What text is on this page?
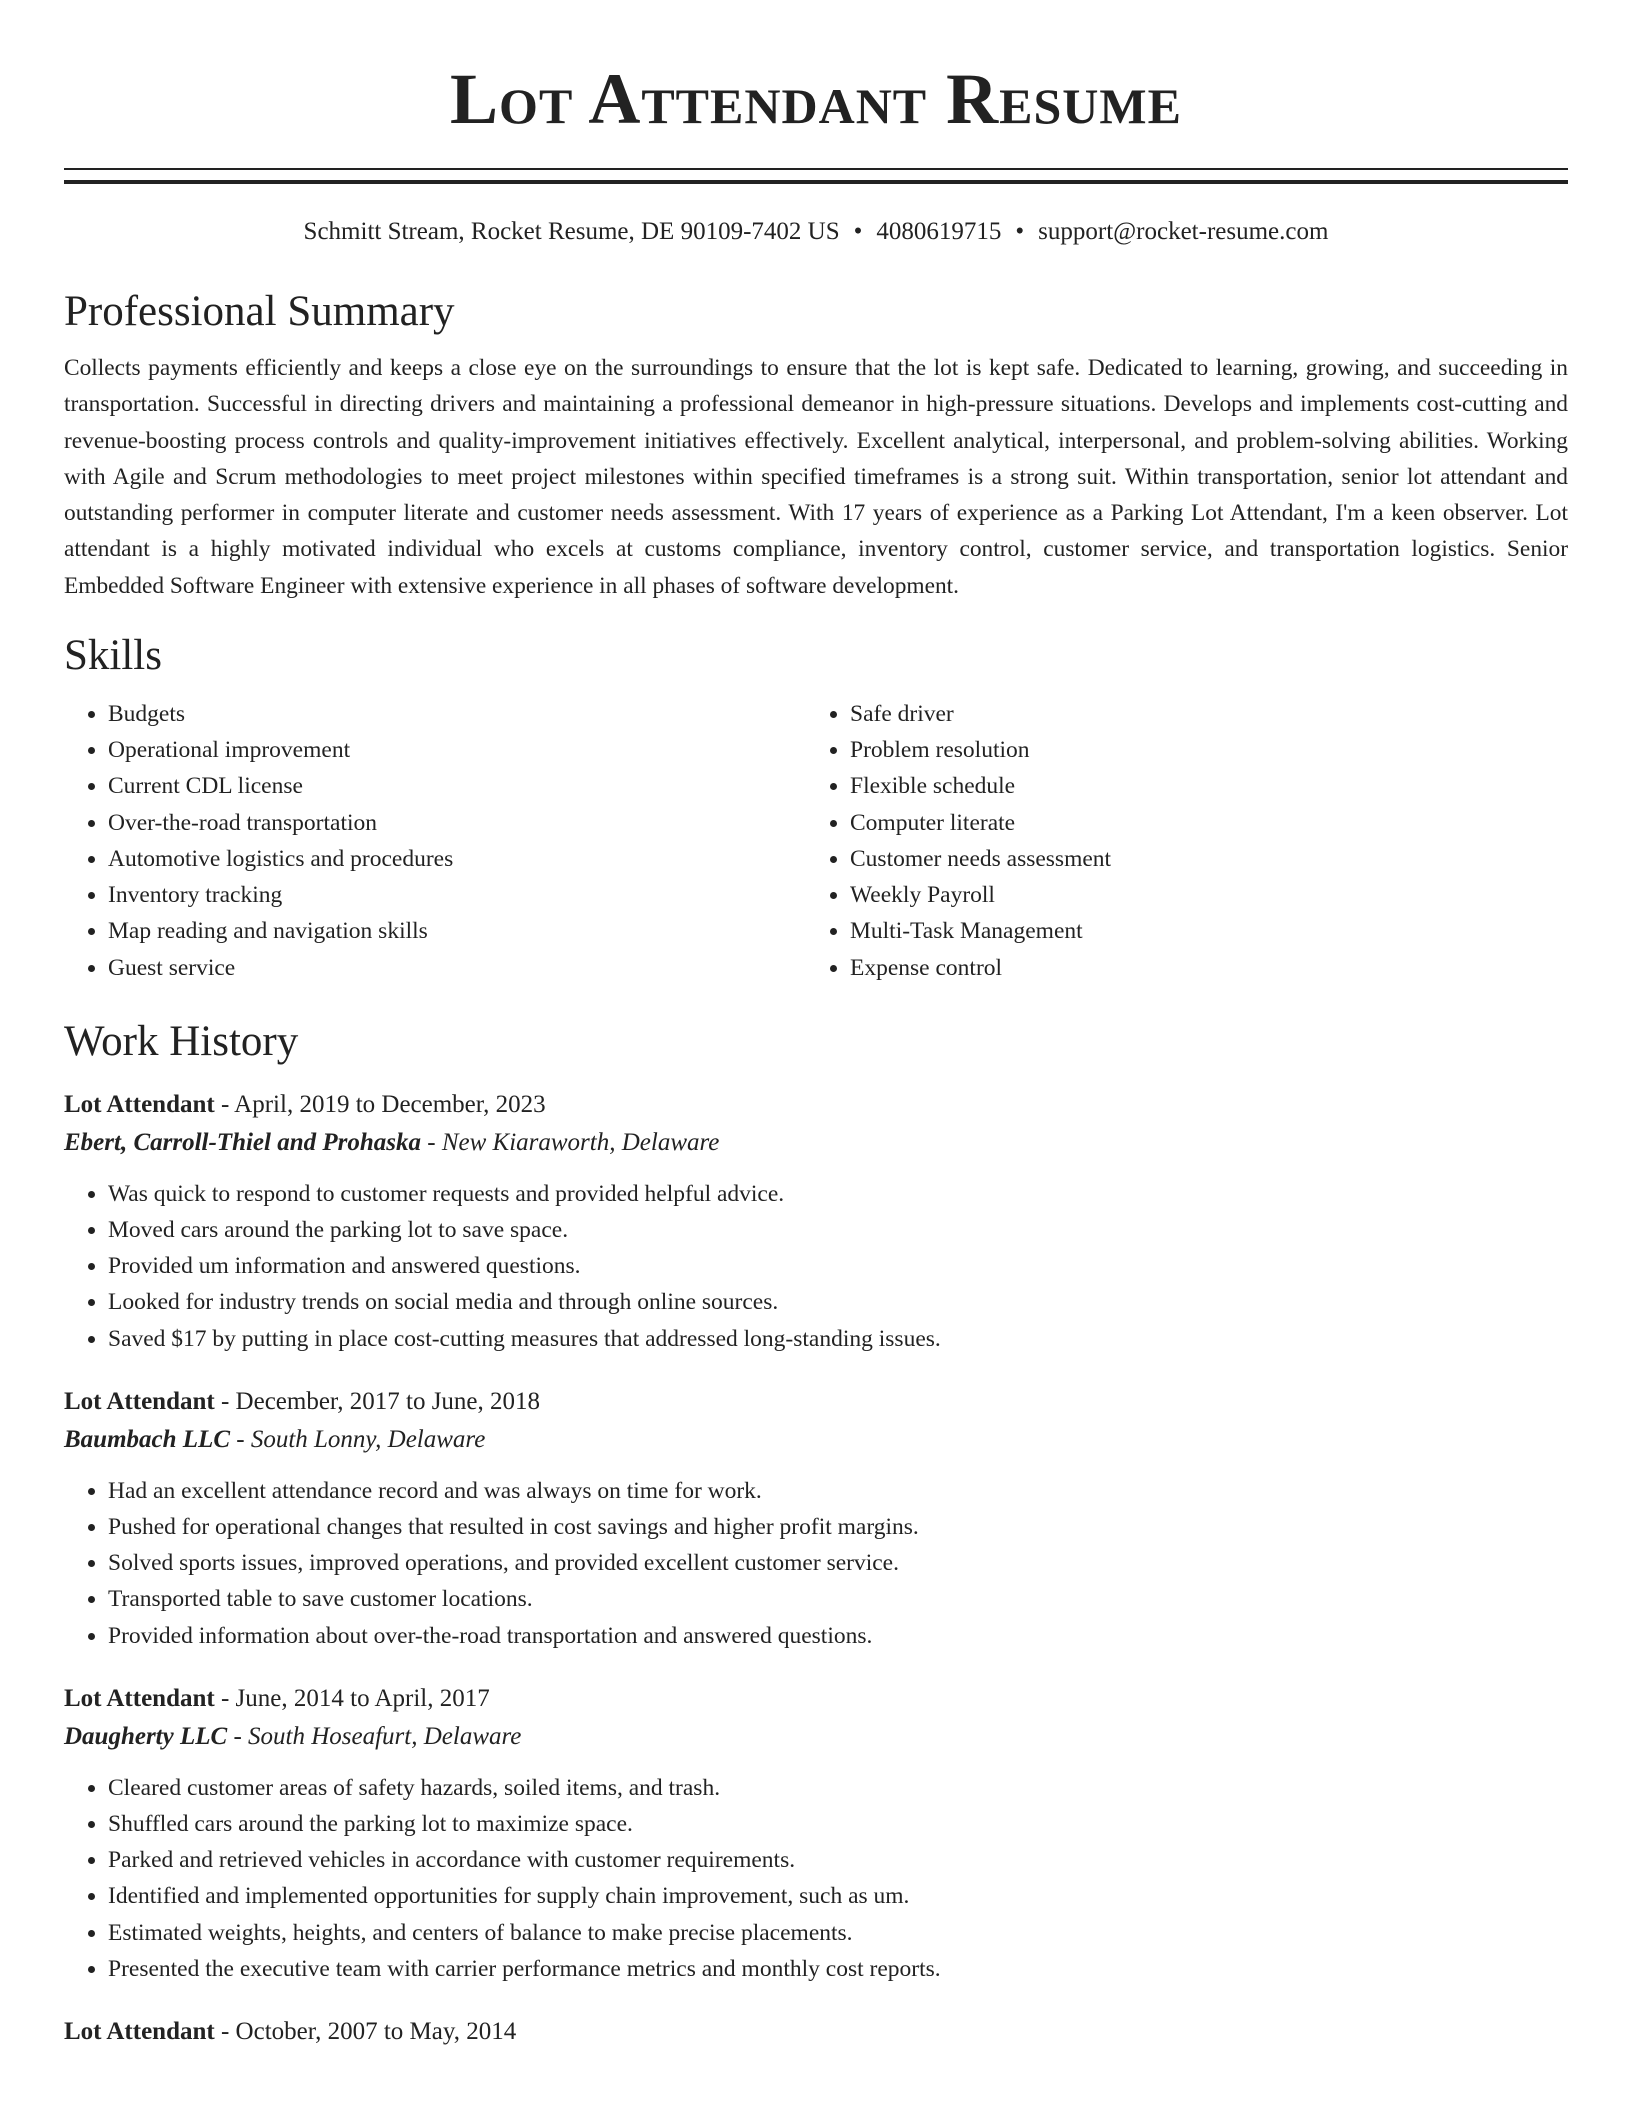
Lot Attendant Resume
Schmitt Stream, Rocket Resume, DE 90109-7402 US • 4080619715 • support@rocket-resume.com
Professional Summary

Collects payments efficiently and keeps a close eye on the surroundings to ensure that the lot is kept safe. Dedicated to learning, growing, and succeeding in transportation. Successful in directing drivers and maintaining a professional demeanor in high-pressure situations. Develops and implements cost-cutting and revenue-boosting process controls and quality-improvement initiatives effectively. Excellent analytical, interpersonal, and problem-solving abilities. Working with Agile and Scrum methodologies to meet project milestones within specified timeframes is a strong suit. Within transportation, senior lot attendant and outstanding performer in computer literate and customer needs assessment. With 17 years of experience as a Parking Lot Attendant, I'm a keen observer. Lot attendant is a highly motivated individual who excels at customs compliance, inventory control, customer service, and transportation logistics. Senior Embedded Software Engineer with extensive experience in all phases of software development.

Skills
• Budgets
• Operational improvement
• Current CDL license
• Over-the-road transportation
• Automotive logistics and procedures
• Inventory tracking
• Map reading and navigation skills
• Guest service
• Safe driver
• Problem resolution
• Flexible schedule
• Computer literate
• Customer needs assessment
• Weekly Payroll
• Multi-Task Management
• Expense control
Work History
Lot Attendant - April, 2019 to December, 2023
Ebert, Carroll-Thiel and Prohaska - New Kiaraworth, Delaware
• Was quick to respond to customer requests and provided helpful advice.
• Moved cars around the parking lot to save space.
• Provided um information and answered questions.
• Looked for industry trends on social media and through online sources.
• Saved $17 by putting in place cost-cutting measures that addressed long-standing issues.
Lot Attendant - December, 2017 to June, 2018
Baumbach LLC - South Lonny, Delaware
• Had an excellent attendance record and was always on time for work.
• Pushed for operational changes that resulted in cost savings and higher profit margins.
• Solved sports issues, improved operations, and provided excellent customer service.
• Transported table to save customer locations.
• Provided information about over-the-road transportation and answered questions.
Lot Attendant - June, 2014 to April, 2017
Daugherty LLC - South Hoseafurt, Delaware
• Cleared customer areas of safety hazards, soiled items, and trash.
• Shuffled cars around the parking lot to maximize space.
• Parked and retrieved vehicles in accordance with customer requirements.
• Identified and implemented opportunities for supply chain improvement, such as um.
• Estimated weights, heights, and centers of balance to make precise placements.
• Presented the executive team with carrier performance metrics and monthly cost reports.
Lot Attendant - October, 2007 to May, 2014
